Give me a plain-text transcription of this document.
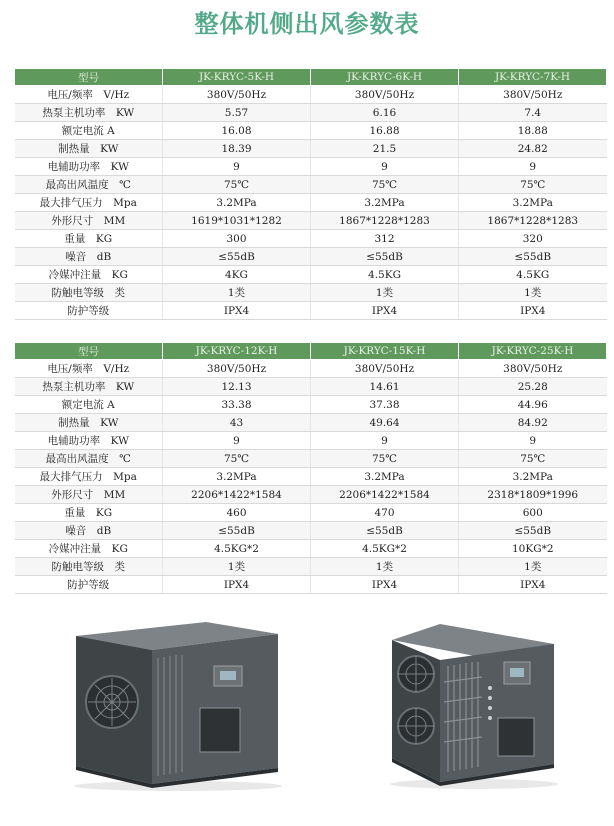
整体机侧出风参数表
型号	JK-KRYC-5K-H	JK-KRYC-6K-H	JK-KRYC-7K-H
电压/频率　V/Hz	380V/50Hz	380V/50Hz	380V/50Hz
热泵主机功率　KW	5.57	6.16	7.4
额定电流 A	16.08	16.88	18.88
制热量　KW	18.39	21.5	24.82
电辅助功率　KW	9	9	9
最高出风温度　℃	75℃	75℃	75℃
最大排气压力　Mpa	3.2MPa	3.2MPa	3.2MPa
外形尺寸　MM	1619*1031*1282	1867*1228*1283	1867*1228*1283
重量　KG	300	312	320
噪音　dB	≤55dB	≤55dB	≤55dB
冷媒冲注量　KG	4KG	4.5KG	4.5KG
防触电等级　类	1类	1类	1类
防护等级	IPX4	IPX4	IPX4
型号	JK-KRYC-12K-H	JK-KRYC-15K-H	JK-KRYC-25K-H
电压/频率　V/Hz	380V/50Hz	380V/50Hz	380V/50Hz
热泵主机功率　KW	12.13	14.61	25.28
额定电流 A	33.38	37.38	44.96
制热量　KW	43	49.64	84.92
电辅助功率　KW	9	9	9
最高出风温度　℃	75℃	75℃	75℃
最大排气压力　Mpa	3.2MPa	3.2MPa	3.2MPa
外形尺寸　MM	2206*1422*1584	2206*1422*1584	2318*1809*1996
重量　KG	460	470	600
噪音　dB	≤55dB	≤55dB	≤55dB
冷媒冲注量　KG	4.5KG*2	4.5KG*2	10KG*2
防触电等级　类	1类	1类	1类
防护等级	IPX4	IPX4	IPX4
